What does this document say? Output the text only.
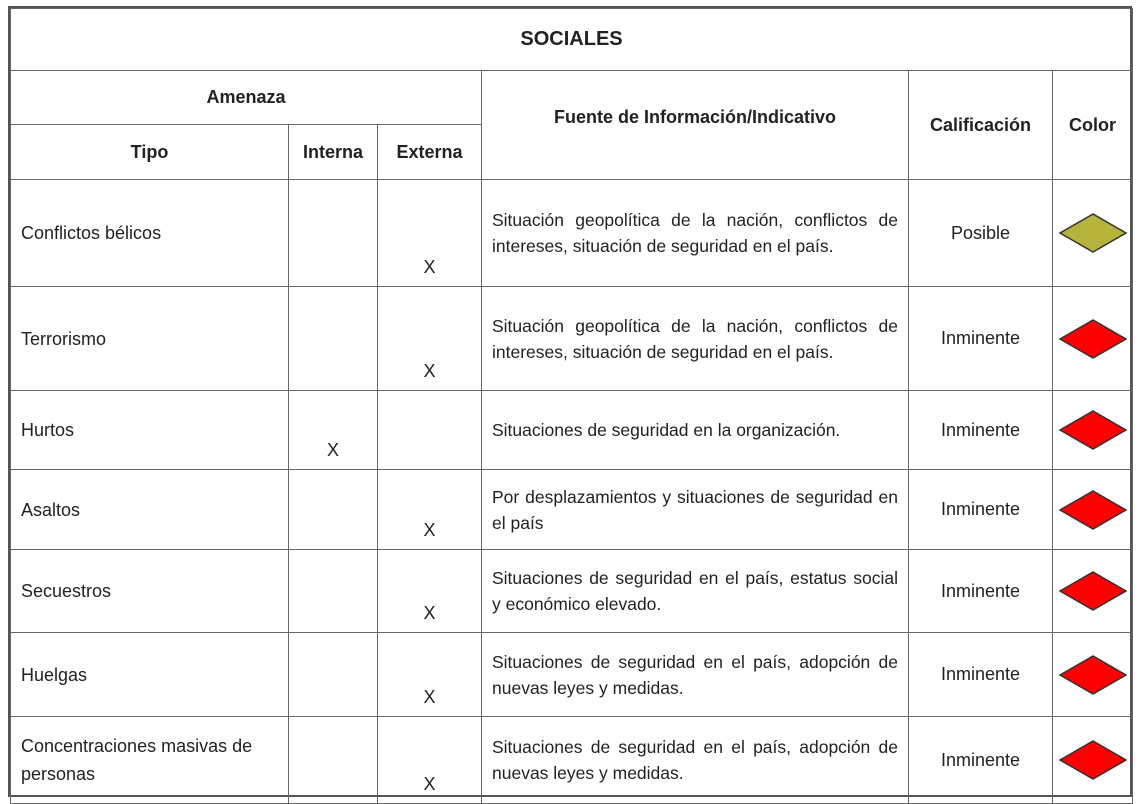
SOCIALES					
Amenaza			Fuente de Información/Indicativo	Calificación	Color
Tipo	Interna	Externa			
Conflictos bélicos		X	Situación geopolítica de la nación, conflictos de intereses, situación de seguridad en el país.	Posible	

Terrorismo		X	Situación geopolítica de la nación, conflictos de intereses, situación de seguridad en el país.	Inminente	

Hurtos	X		Situaciones de seguridad en la organización.	Inminente	

Asaltos		X	Por desplazamientos y situaciones de seguridad en el país	Inminente	

Secuestros		X	Situaciones de seguridad en el país, estatus social y económico elevado.	Inminente	

Huelgas		X	Situaciones de seguridad en el país, adopción de nuevas leyes y medidas.	Inminente	

Concentraciones masivas de personas		X	Situaciones de seguridad en el país, adopción de nuevas leyes y medidas.	Inminente	
